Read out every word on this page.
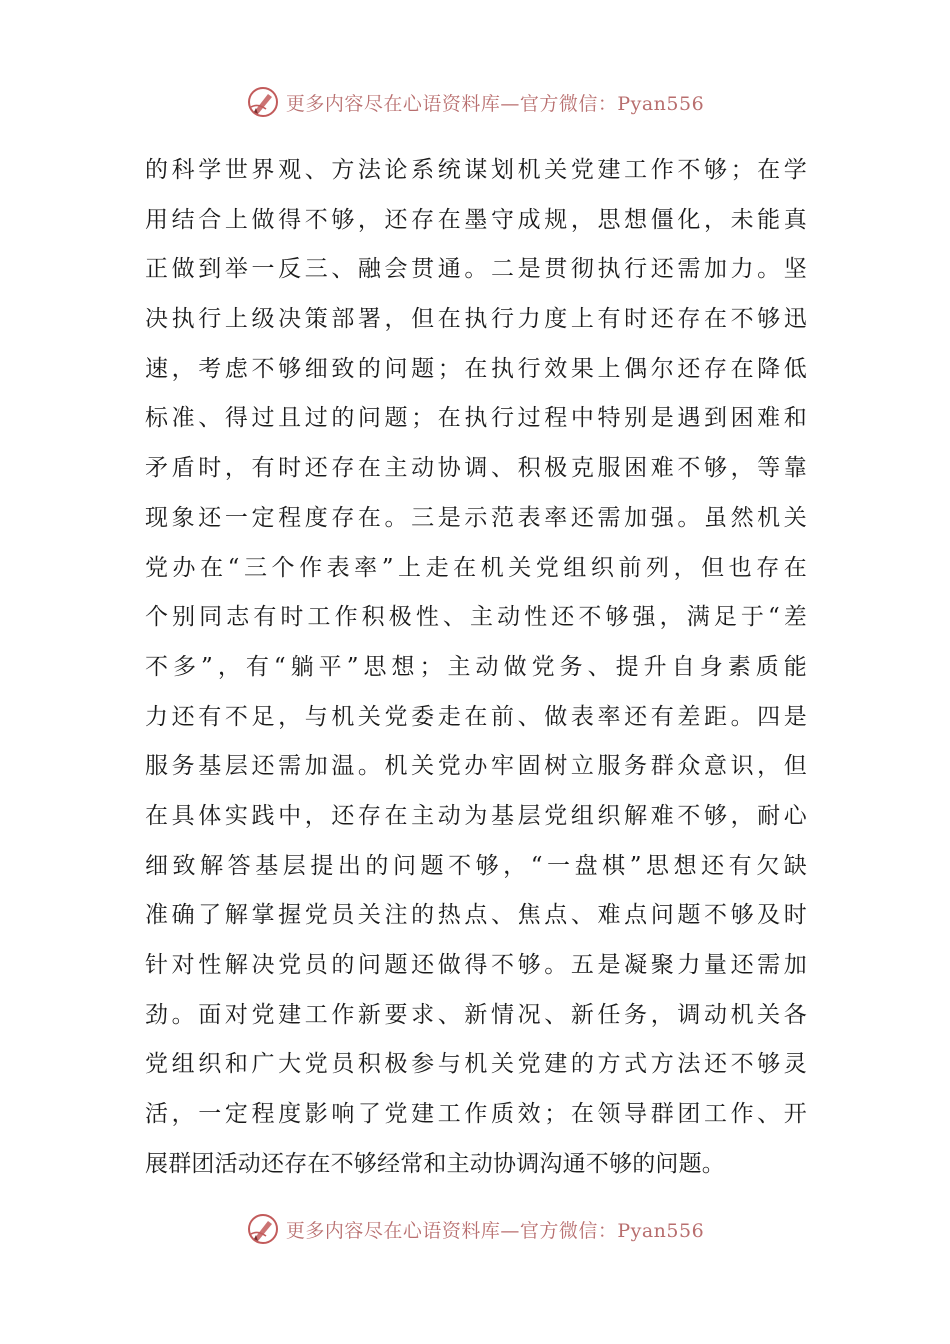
更多内容尽在心语资料库—官方微信：Pyan556
的科学世界观、方法论系统谋划机关党建工作不够；在学
用结合上做得不够，还存在墨守成规，思想僵化，未能真
正做到举一反三、融会贯通。二是贯彻执行还需加力。坚
决执行上级决策部署，但在执行力度上有时还存在不够迅
速，考虑不够细致的问题；在执行效果上偶尔还存在降低
标准、得过且过的问题；在执行过程中特别是遇到困难和
矛盾时，有时还存在主动协调、积极克服困难不够，等靠
现象还一定程度存在。三是示范表率还需加强。虽然机关
党办在“三个作表率”上走在机关党组织前列，但也存在
个别同志有时工作积极性、主动性还不够强，满足于“差
不多”，有“躺平”思想；主动做党务、提升自身素质能
力还有不足，与机关党委走在前、做表率还有差距。四是
服务基层还需加温。机关党办牢固树立服务群众意识，但
在具体实践中，还存在主动为基层党组织解难不够，耐心
细致解答基层提出的问题不够，“一盘棋”思想还有欠缺
准确了解掌握党员关注的热点、焦点、难点问题不够及时
针对性解决党员的问题还做得不够。五是凝聚力量还需加
劲。面对党建工作新要求、新情况、新任务，调动机关各
党组织和广大党员积极参与机关党建的方式方法还不够灵
活，一定程度影响了党建工作质效；在领导群团工作、开
展群团活动还存在不够经常和主动协调沟通不够的问题。
更多内容尽在心语资料库—官方微信：Pyan556
